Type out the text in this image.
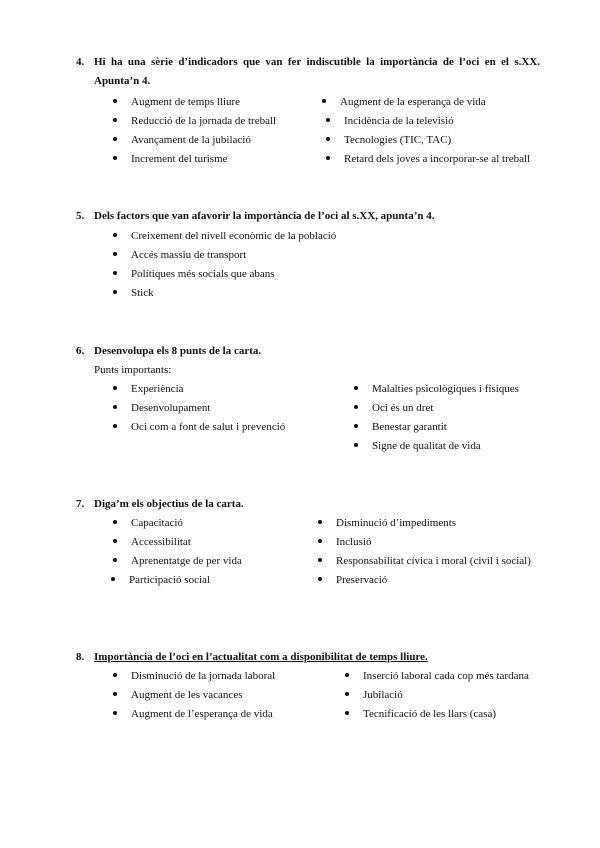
4. Hi ha una sèrie d’indicadors que van fer indiscutible la importància de l’oci en el s.XX. Apunta’n 4.
Augment de temps lliure
Reducció de la jornada de treball
Avançament de la jubilació
Increment del turisme
Augment de la esperança de vida
Incidència de la televisió
Tecnologies (TIC, TAC)
Retard dels joves a incorporar-se al treball
5. Dels factors que van afavorir la importància de l’oci al s.XX, apunta’n 4.
Creixement del nivell econòmic de la població
Accés massiu de transport
Polítiques més socials que abans
Stick
6. Desenvolupa els 8 punts de la carta.
Punts importants:
Experiència
Desenvolupament
Oci com a font de salut i prevenció
Malalties psicològiques i físiques
Oci és un dret
Benestar garantit
Signe de qualitat de vida
7. Diga’m els objectius de la carta.
Capacitació
Accessibilitat
Aprenentatge de per vida
Participació social
Disminució d’impediments
Inclusió
Responsabilitat cívica i moral (civil i social)
Preservació
8. Importància de l’oci en l’actualitat com a disponibilitat de temps lliure.
Disminució de la jornada laboral
Augment de les vacances
Augment de l’esperança de vida
Inserció laboral cada cop més tardana
Jubilació
Tecnificació de les llars (casa)
